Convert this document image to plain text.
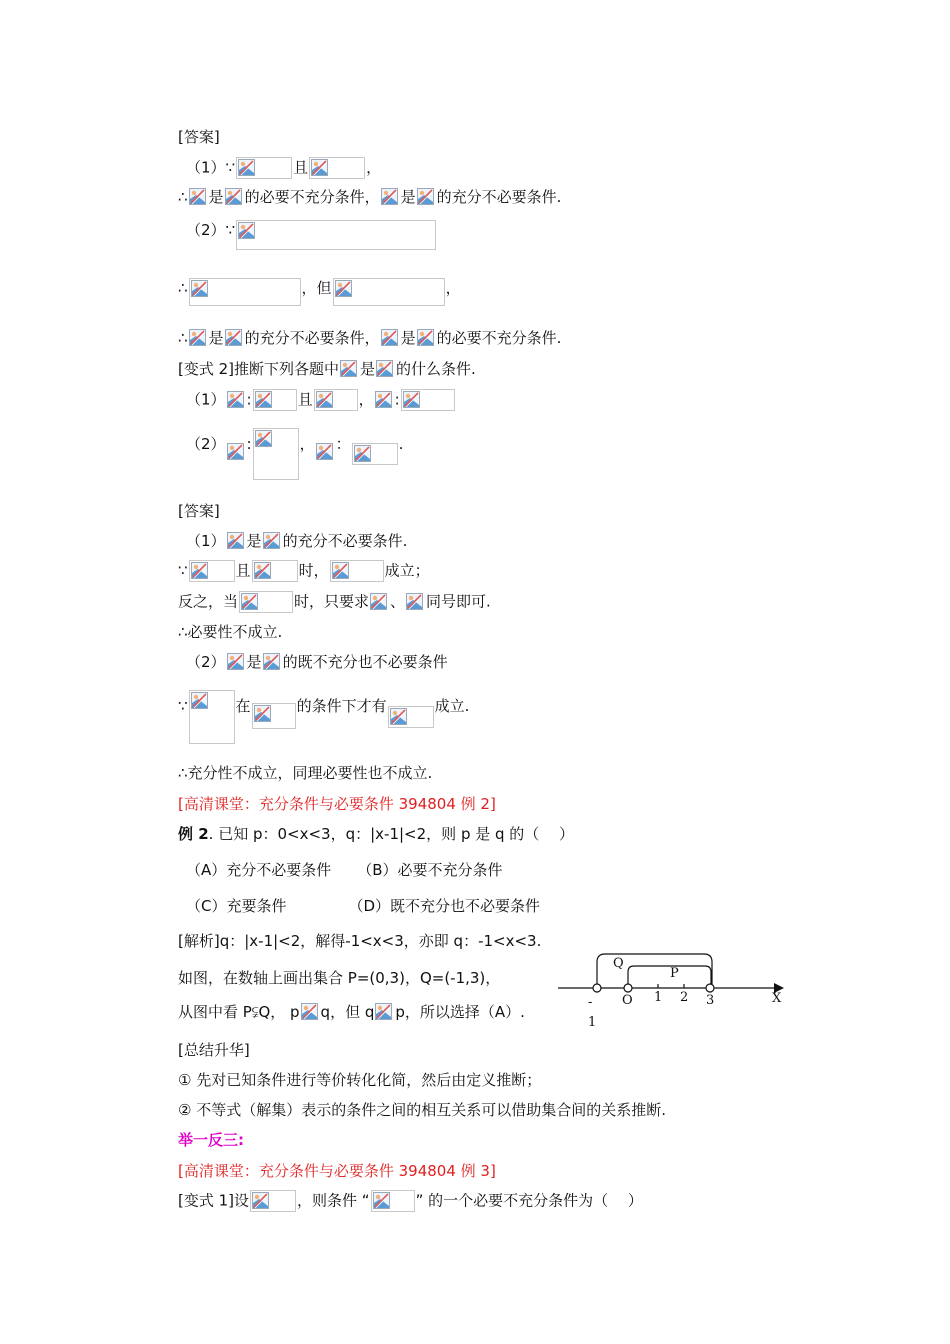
[答案]
（1）∵	且	，
∴ 是 的必要不充分条件， 是 的充分不必要条件.
（2）∵
∴	，但	，
∴ 是 的充分不必要条件， 是 的必要不充分条件.
[变式 2]推断下列各题中 是 的什么条件.
（1） :	且	， :
（2） :	， ：	.
[答案]
（1） 是 的充分不必要条件.
∵	且	时，	成立；
反之，当	时，只要求 、 同号即可.
∴必要性不成立.
（2） 是 的既不充分也不必要条件
∵	在	的条件下才有	成立.
∴充分性不成立，同理必要性也不成立.
[高清课堂：充分条件与必要条件 394804 例 2]
例 2. 已知 p：0<x<3，q：|x-1|<2，则 p 是 q 的（　 ）
（A）充分不必要条件 （B）必要不充分条件
（C）充要条件	（D）既不充分也不必要条件
[解析]q：|x-1|<2，解得-1<x<3，亦即 q：-1<x<3.
如图，在数轴上画出集合 P=(0,3)，Q=(-1,3)，
从图中看 P⫋Q， p q，但 q p，所以选择（A）.
Q
P
-
1
O 1 2 3	X
[总结升华]
① 先对已知条件进行等价转化化简，然后由定义推断；
② 不等式（解集）表示的条件之间的相互关系可以借助集合间的关系推断.
举一反三:
[高清课堂：充分条件与必要条件 394804 例 3]
[变式 1]设	，则条件 “	” 的一个必要不充分条件为（　 ）
